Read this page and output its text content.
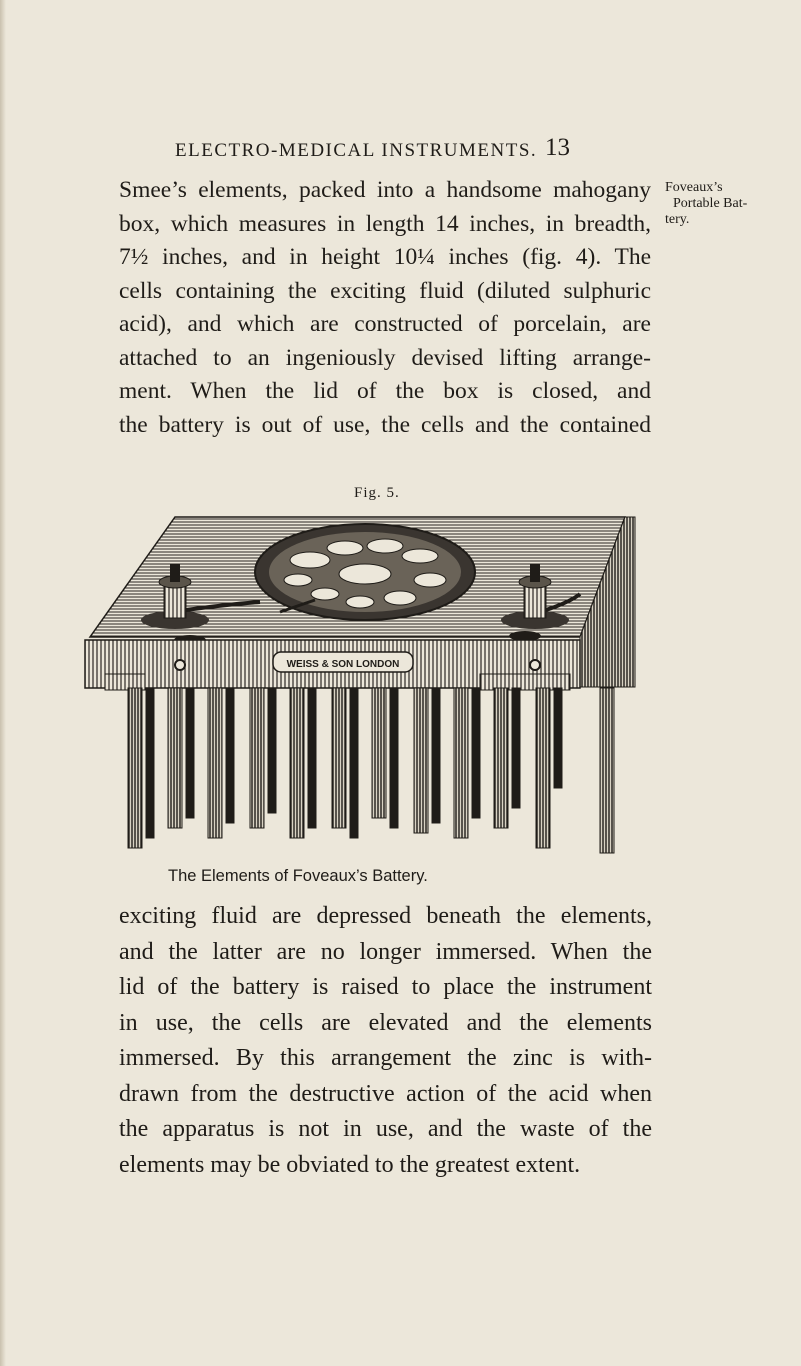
ELECTRO-MEDICAL INSTRUMENTS. 13
Smee’s elements, packed into a handsome mahogany
box, which measures in length 14 inches, in breadth,
7½ inches, and in height 10¼ inches (fig. 4). The
cells containing the exciting fluid (diluted sulphuric
acid), and which are constructed of porcelain, are
attached to an ingeniously devised lifting arrange-
ment. When the lid of the box is closed, and
the battery is out of use, the cells and the contained
Foveaux’s
Portable Bat-
tery.
Fig. 5.
WEISS & SON LONDON
The Elements of Foveaux’s Battery.
exciting fluid are depressed beneath the elements,
and the latter are no longer immersed. When the
lid of the battery is raised to place the instrument
in use, the cells are elevated and the elements
immersed. By this arrangement the zinc is with-
drawn from the destructive action of the acid when
the apparatus is not in use, and the waste of the
elements may be obviated to the greatest extent.
